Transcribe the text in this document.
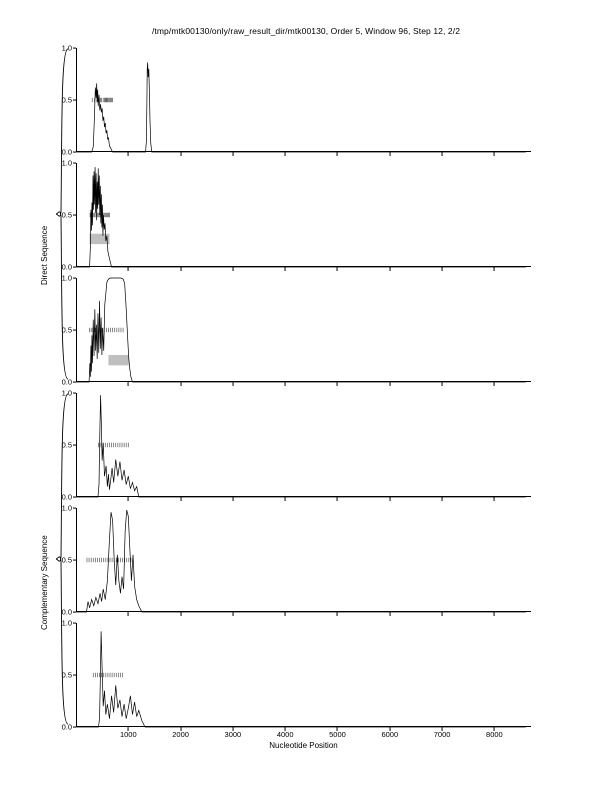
/tmp/mtk00130/only/raw_result_dir/mtk00130, Order 5, Window 96, Step 12, 2/2
0.0
0.5
1.0
0.0
0.5
1.0
0.0
0.5
1.0
0.0
0.5
1.0
0.0
0.5
1.0
0.0
0.5
1.0
1000	2000	3000	4000	5000	6000	7000	8000
Nucleotide Position
Direct Sequence
Complementary Sequence
